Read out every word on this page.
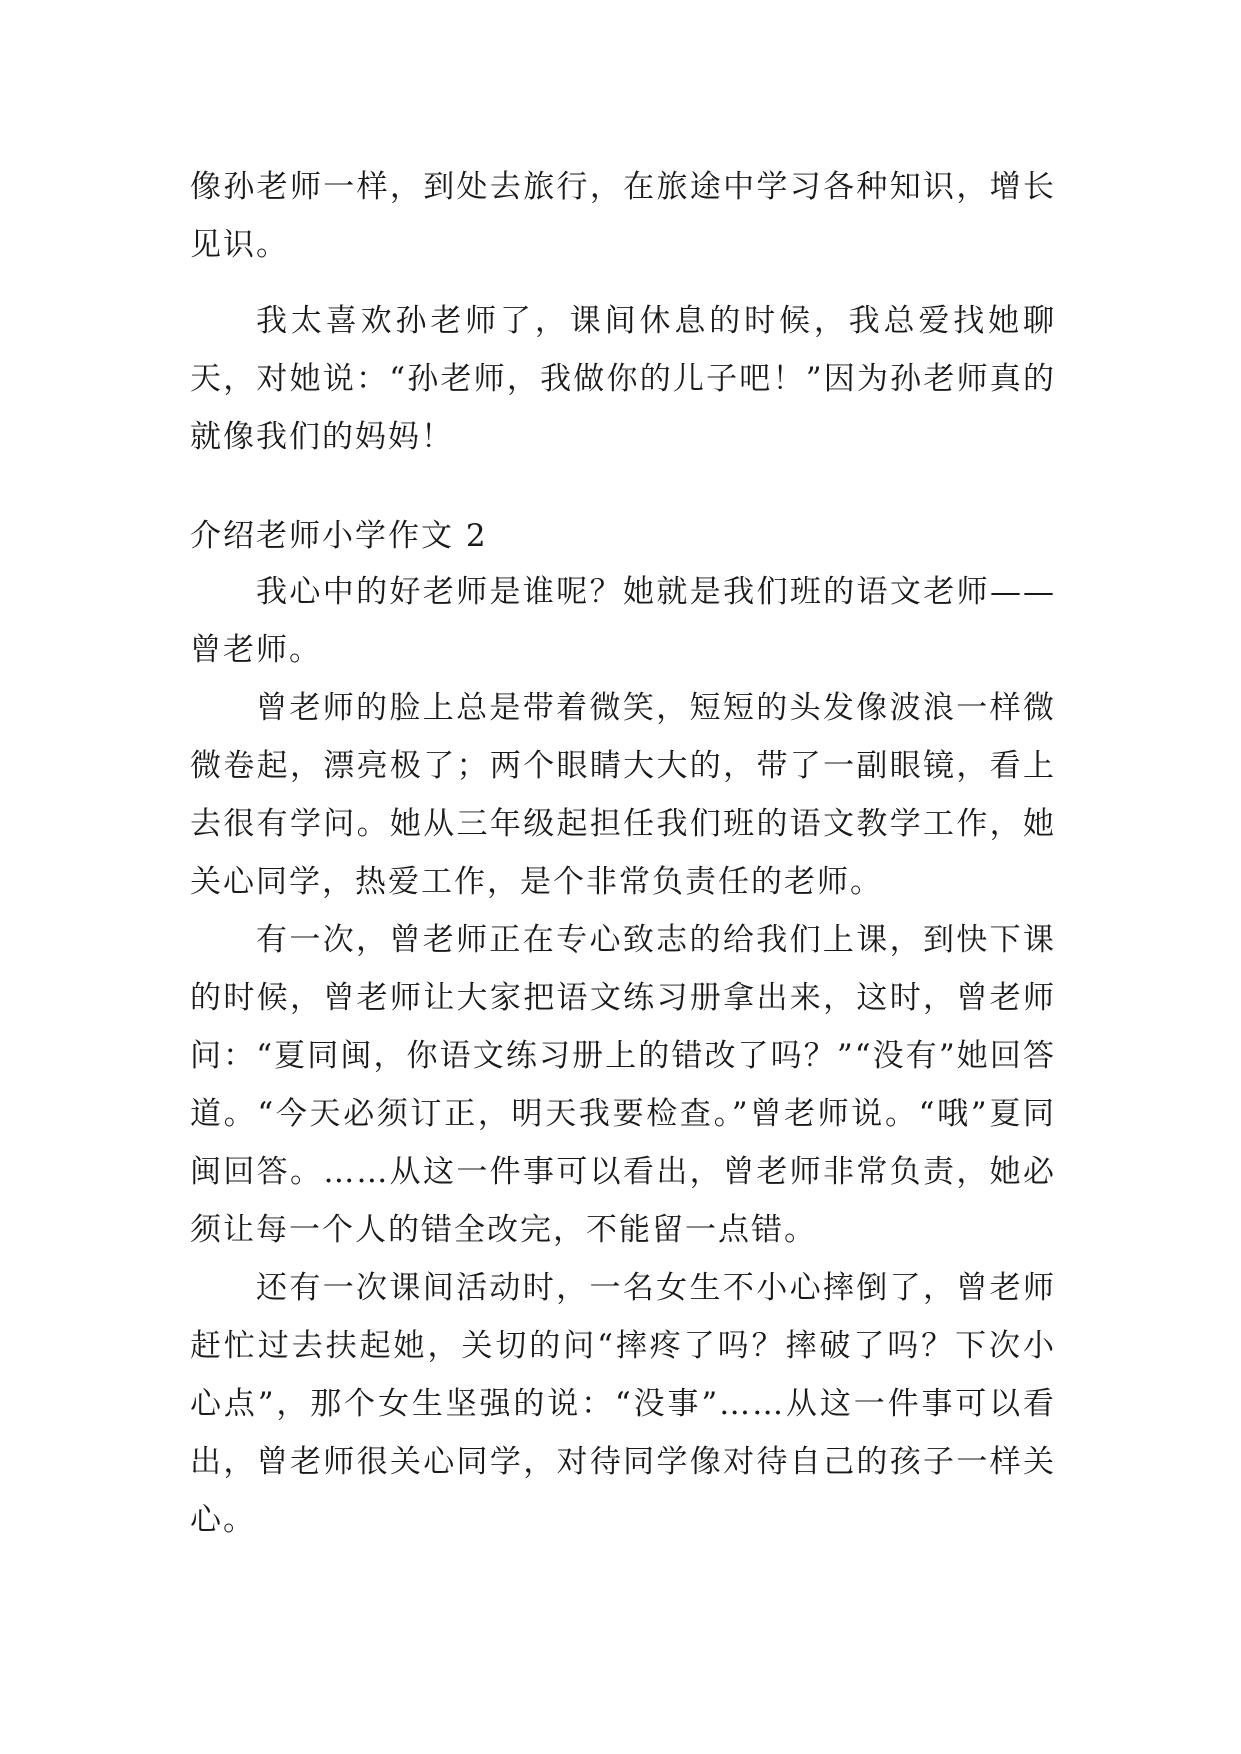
像孙老师一样，到处去旅行，在旅途中学习各种知识，增长见识。

我太喜欢孙老师了，课间休息的时候，我总爱找她聊天，对她说：“孙老师，我做你的儿子吧！”因为孙老师真的就像我们的妈妈！

介绍老师小学作文 2

我心中的好老师是谁呢？她就是我们班的语文老师——曾老师。

曾老师的脸上总是带着微笑，短短的头发像波浪一样微微卷起，漂亮极了；两个眼睛大大的，带了一副眼镜，看上去很有学问。她从三年级起担任我们班的语文教学工作，她关心同学，热爱工作，是个非常负责任的老师。

有一次，曾老师正在专心致志的给我们上课，到快下课的时候，曾老师让大家把语文练习册拿出来，这时，曾老师问：“夏同闽，你语文练习册上的错改了吗？”“没有”她回答道。“今天必须订正，明天我要检查。”曾老师说。“哦”夏同闽回答。……从这一件事可以看出，曾老师非常负责，她必须让每一个人的错全改完，不能留一点错。

还有一次课间活动时，一名女生不小心摔倒了，曾老师赶忙过去扶起她，关切的问“摔疼了吗？摔破了吗？下次小心点”，那个女生坚强的说：“没事”……从这一件事可以看出，曾老师很关心同学，对待同学像对待自己的孩子一样关心。
